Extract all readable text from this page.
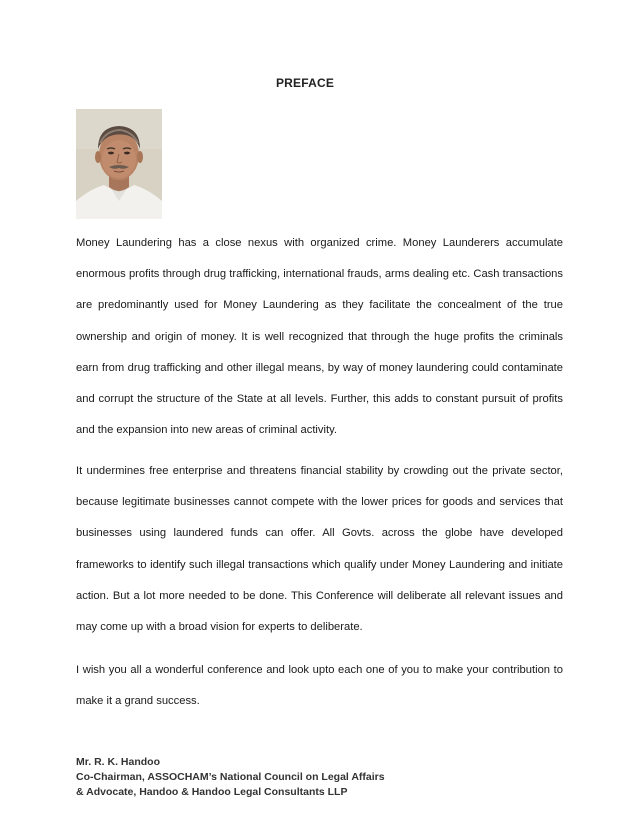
PREFACE

Money Laundering has a close nexus with organized crime. Money Launderers accumulate enormous profits through drug trafficking, international frauds, arms dealing etc. Cash transactions are predominantly used for Money Laundering as they facilitate the concealment of the true ownership and origin of money. It is well recognized that through the huge profits the criminals earn from drug trafficking and other illegal means, by way of money laundering could contaminate and corrupt the structure of the State at all levels. Further, this adds to constant pursuit of profits and the expansion into new areas of criminal activity.

It undermines free enterprise and threatens financial stability by crowding out the private sector, because legitimate businesses cannot compete with the lower prices for goods and services that businesses using laundered funds can offer. All Govts. across the globe have developed frameworks to identify such illegal transactions which qualify under Money Laundering and initiate action. But a lot more needed to be done. This Conference will deliberate all relevant issues and may come up with a broad vision for experts to deliberate.

I wish you all a wonderful conference and look upto each one of you to make your contribution to make it a grand success.

Mr. R. K. Handoo
Co-Chairman, ASSOCHAM’s National Council on Legal Affairs
& Advocate, Handoo & Handoo Legal Consultants LLP
